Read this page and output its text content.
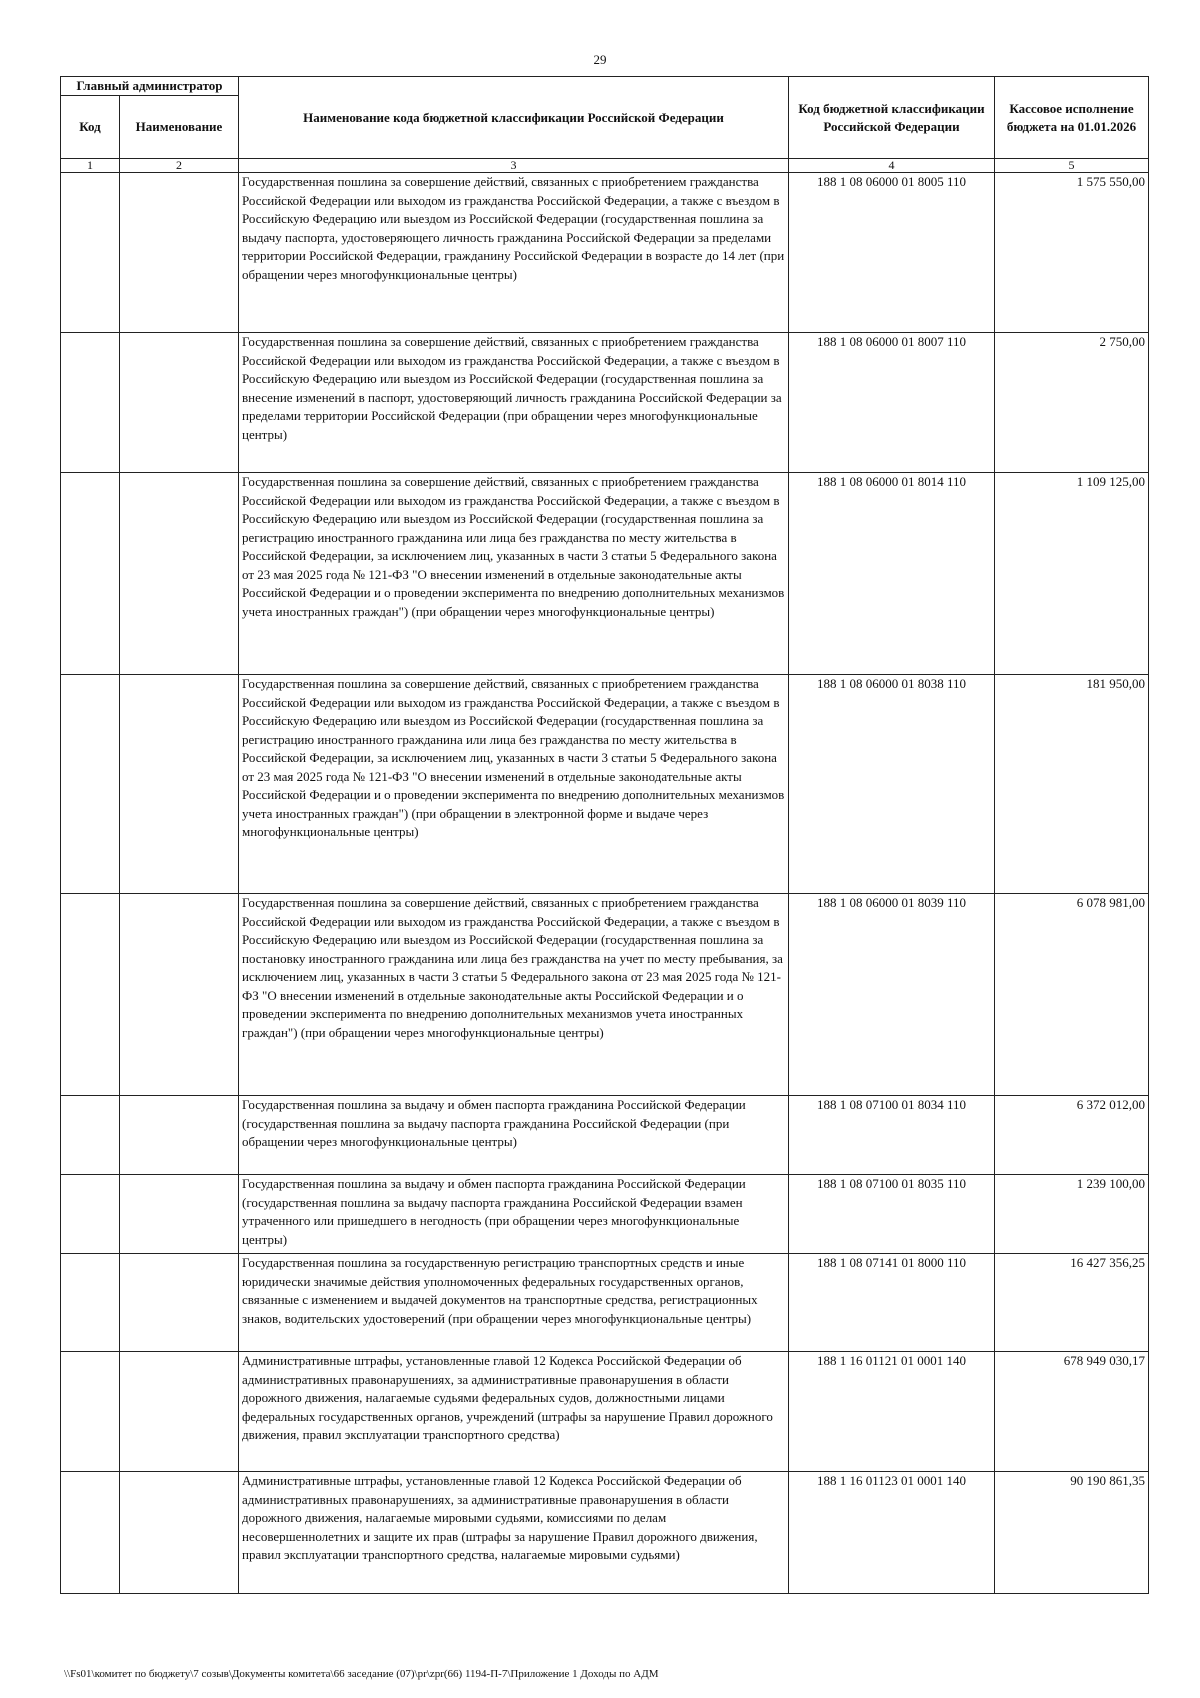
29
Главный администратор		Наименование кода бюджетной классификации Российской Федерации	Код бюджетной классификации Российской Федерации	Кассовое исполнение бюджета на 01.01.2026
Код	Наименование			
1	2	3	4	5
		Государственная пошлина за совершение действий, связанных с приобретением гражданства Российской Федерации или выходом из гражданства Российской Федерации, а также с въездом в Российскую Федерацию или выездом из Российской Федерации (государственная пошлина за выдачу паспорта, удостоверяющего личность гражданина Российской Федерации за пределами территории Российской Федерации, гражданину Российской Федерации в возрасте до 14 лет (при обращении через многофункциональные центры)	188 1 08 06000 01 8005 110	1 575 550,00
		Государственная пошлина за совершение действий, связанных с приобретением гражданства Российской Федерации или выходом из гражданства Российской Федерации, а также с въездом в Российскую Федерацию или выездом из Российской Федерации (государственная пошлина за внесение изменений в паспорт, удостоверяющий личность гражданина Российской Федерации за пределами территории Российской Федерации (при обращении через многофункциональные центры)	188 1 08 06000 01 8007 110	2 750,00
		Государственная пошлина за совершение действий, связанных с приобретением гражданства Российской Федерации или выходом из гражданства Российской Федерации, а также с въездом в Российскую Федерацию или выездом из Российской Федерации (государственная пошлина за регистрацию иностранного гражданина или лица без гражданства по месту жительства в Российской Федерации, за исключением лиц, указанных в части 3 статьи 5 Федерального закона от 23 мая 2025 года № 121-ФЗ "О внесении изменений в отдельные законодательные акты Российской Федерации и о проведении эксперимента по внедрению дополнительных механизмов учета иностранных граждан") (при обращении через многофункциональные центры)	188 1 08 06000 01 8014 110	1 109 125,00
		Государственная пошлина за совершение действий, связанных с приобретением гражданства Российской Федерации или выходом из гражданства Российской Федерации, а также с въездом в Российскую Федерацию или выездом из Российской Федерации (государственная пошлина за регистрацию иностранного гражданина или лица без гражданства по месту жительства в Российской Федерации, за исключением лиц, указанных в части 3 статьи 5 Федерального закона от 23 мая 2025 года № 121-ФЗ "О внесении изменений в отдельные законодательные акты Российской Федерации и о проведении эксперимента по внедрению дополнительных механизмов учета иностранных граждан") (при обращении в электронной форме и выдаче через многофункциональные центры)	188 1 08 06000 01 8038 110	181 950,00
		Государственная пошлина за совершение действий, связанных с приобретением гражданства Российской Федерации или выходом из гражданства Российской Федерации, а также с въездом в Российскую Федерацию или выездом из Российской Федерации (государственная пошлина за постановку иностранного гражданина или лица без гражданства на учет по месту пребывания, за исключением лиц, указанных в части 3 статьи 5 Федерального закона от 23 мая 2025 года № 121-ФЗ "О внесении изменений в отдельные законодательные акты Российской Федерации и о проведении эксперимента по внедрению дополнительных механизмов учета иностранных граждан") (при обращении через многофункциональные центры)	188 1 08 06000 01 8039 110	6 078 981,00
		Государственная пошлина за выдачу и обмен паспорта гражданина Российской Федерации (государственная пошлина за выдачу паспорта гражданина Российской Федерации (при обращении через многофункциональные центры)	188 1 08 07100 01 8034 110	6 372 012,00
		Государственная пошлина за выдачу и обмен паспорта гражданина Российской Федерации (государственная пошлина за выдачу паспорта гражданина Российской Федерации взамен утраченного или пришедшего в негодность (при обращении через многофункциональные центры)	188 1 08 07100 01 8035 110	1 239 100,00
		Государственная пошлина за государственную регистрацию транспортных средств и иные юридически значимые действия уполномоченных федеральных государственных органов, связанные с изменением и выдачей документов на транспортные средства, регистрационных знаков, водительских удостоверений (при обращении через многофункциональные центры)	188 1 08 07141 01 8000 110	16 427 356,25
		Административные штрафы, установленные главой 12 Кодекса Российской Федерации об административных правонарушениях, за административные правонарушения в области дорожного движения, налагаемые судьями федеральных судов, должностными лицами федеральных государственных органов, учреждений (штрафы за нарушение Правил дорожного движения, правил эксплуатации транспортного средства)	188 1 16 01121 01 0001 140	678 949 030,17
		Административные штрафы, установленные главой 12 Кодекса Российской Федерации об административных правонарушениях, за административные правонарушения в области дорожного движения, налагаемые мировыми судьями, комиссиями по делам несовершеннолетних и защите их прав (штрафы за нарушение Правил дорожного движения, правил эксплуатации транспортного средства, налагаемые мировыми судьями)	188 1 16 01123 01 0001 140	90 190 861,35
\\Fs01\комитет по бюджету\7 созыв\Документы комитета\66 заседание (07)\pr\zpr(66) 1194-П-7\Приложение 1 Доходы по АДМ
